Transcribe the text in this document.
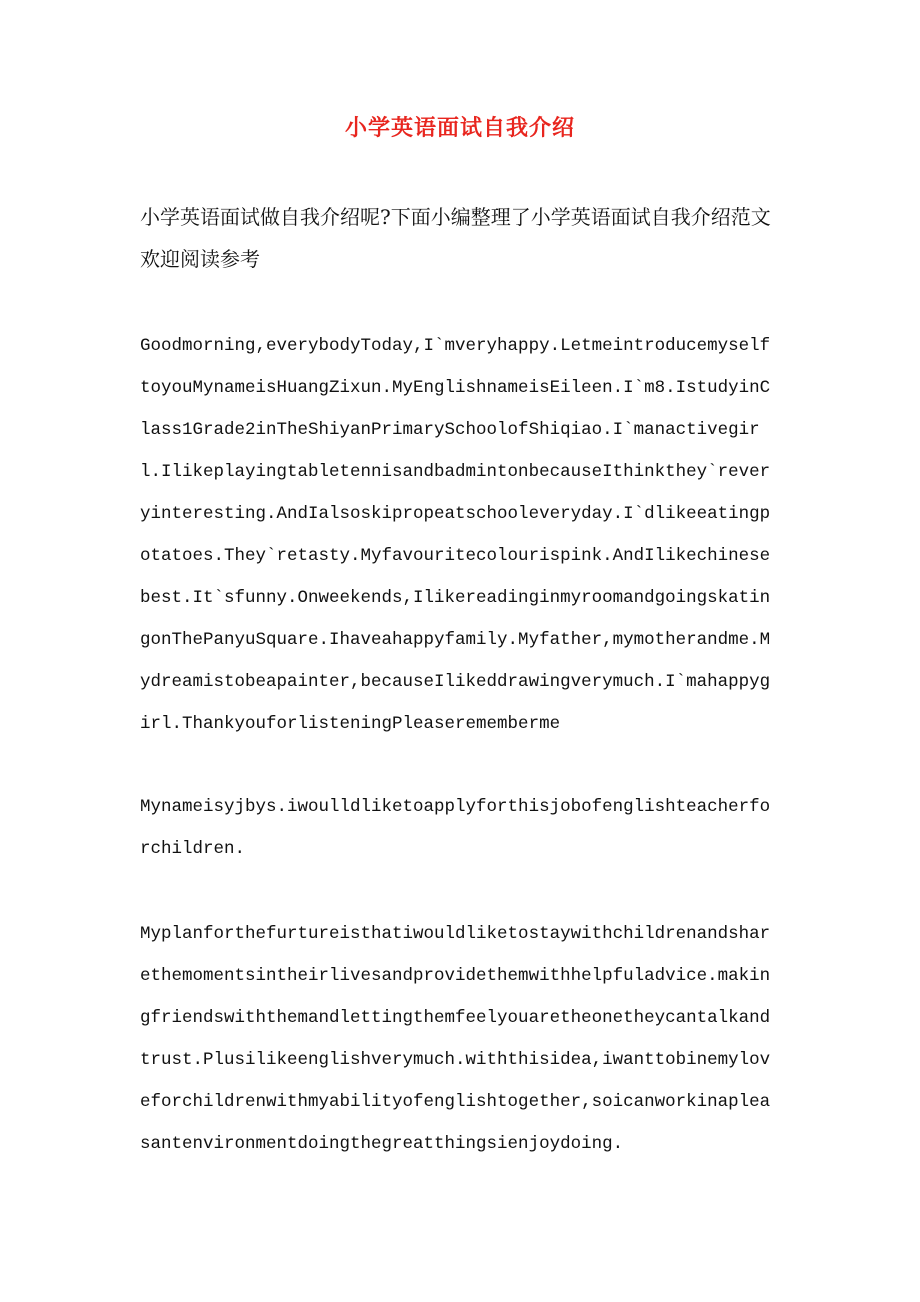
小学英语面试自我介绍
小学英语面试做自我介绍呢?下面小编整理了小学英语面试自我介绍范文欢迎阅读参考
Goodmorning,everybodyToday,I`mveryhappy.LetmeintroducemyselftoyouMynameisHuangZixun.MyEnglishnameisEileen.I`m8.IstudyinClass1Grade2inTheShiyanPrimarySchoolofShiqiao.I`manactivegirl.IlikeplayingtabletennisandbadmintonbecauseIthinkthey`reveryinteresting.AndIalsoskipropeatschooleveryday.I`dlikeeatingpotatoes.They`retasty.Myfavouritecolourispink.AndIlikechinesebest.It`sfunny.Onweekends,IlikereadinginmyroomandgoingskatingonThePanyuSquare.Ihaveahappyfamily.Myfather,mymotherandme.Mydreamistobeapainter,becauseIlikeddrawingverymuch.I`mahappygirl.ThankyouforlisteningPleaserememberme
Mynameisyjbys.iwoulldliketoapplyforthisjobofenglishteacherforchildren.
Myplanforthefurtureisthatiwouldliketostaywithchildrenandsharethemomentsintheirlivesandprovidethemwithhelpfuladvice.makingfriendswiththemandlettingthemfeelyouaretheonetheycantalkandtrust.Plusilikeenglishverymuch.withthisidea,iwanttobinemyloveforchildrenwithmyabilityofenglishtogether,soicanworkinapleasantenvironmentdoingthegreatthingsienjoydoing.
